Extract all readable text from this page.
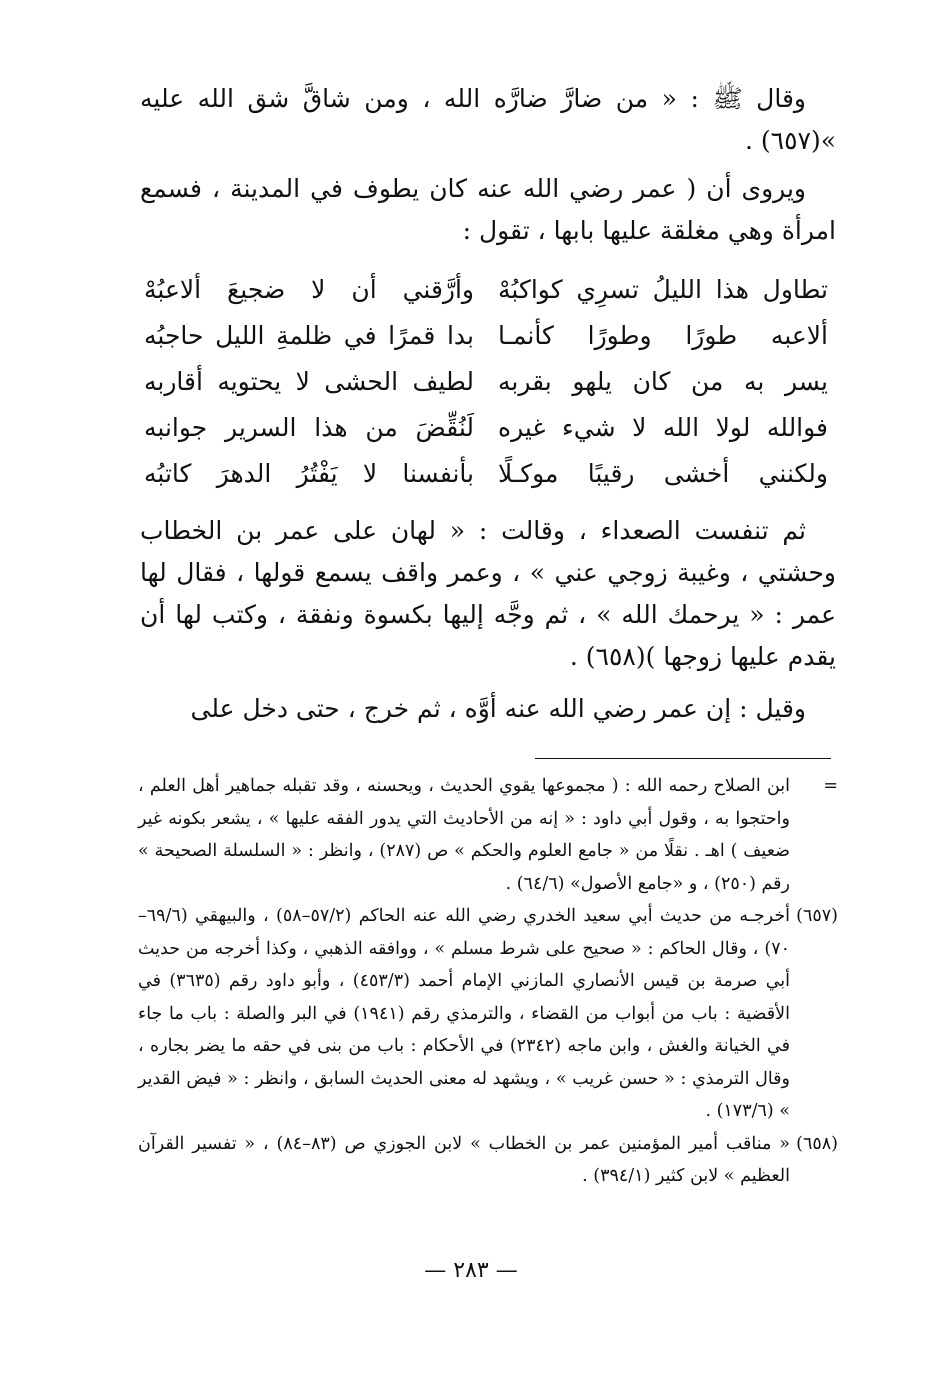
وقال ﷺ : « من ضارَّ ضارَّه الله ، ومن شاقَّ شق الله عليه »(٦٥٧) .

ويروى أن ( عمر رضي الله عنه كان يطوف في المدينة ، فسمع امرأة وهي مغلقة عليها بابها ، تقول :

تطاول هذا الليلُ تسرِي كواكبُهْ
وأرَّقني أن لا ضجيعَ ألاعبُهْ
ألاعبه طورًا وطورًا كأنمـا
بدا قمرًا في ظلمةِ الليل حاجبُه
يسر به من كان يلهو بقربه
لطيف الحشى لا يحتويه أقاربه
فوالله لولا الله لا شيء غيره
لَنُقِّضَ من هذا السرير جوانبه
ولكنني أخشى رقيبًا موكـلًا
بأنفسنا لا يَفْتُرُ الدهرَ كاتبُه

ثم تنفست الصعداء ، وقالت : « لهان على عمر بن الخطاب وحشتي ، وغيبة زوجي عني » ، وعمر واقف يسمع قولها ، فقال لها عمر : « يرحمك الله » ، ثم وجَّه إليها بكسوة ونفقة ، وكتب لها أن يقدم عليها زوجها )(٦٥٨) .

وقيل : إن عمر رضي الله عنه أوَّه ، ثم خرج ، حتى دخل على

=
ابن الصلاح رحمه الله : ( مجموعها يقوي الحديث ، ويحسنه ، وقد تقبله جماهير أهل العلم ، واحتجوا به ، وقول أبي داود : « إنه من الأحاديث التي يدور الفقه عليها » ، يشعر بكونه غير ضعيف ) اهـ . نقلًا من « جامع العلوم والحكم » ص (٢٨٧) ، وانظر : « السلسلة الصحيحة » رقم (٢٥٠) ، و «جامع الأصول» (٦٤/٦) .
(٦٥٧)
أخرجـه من حديث أبي سعيد الخدري رضي الله عنه الحاكم (٥٧/٢–٥٨) ، والبيهقي (٦٩/٦–٧٠) ، وقال الحاكم : « صحيح على شرط مسلم » ، ووافقه الذهبي ، وكذا أخرجه من حديث أبي صرمة بن قيس الأنصاري المازني الإمام أحمد (٤٥٣/٣) ، وأبو داود رقم (٣٦٣٥) في الأقضية : باب من أبواب من القضاء ، والترمذي رقم (١٩٤١) في البر والصلة : باب ما جاء في الخيانة والغش ، وابن ماجه (٢٣٤٢) في الأحكام : باب من بنى في حقه ما يضر بجاره ، وقال الترمذي : « حسن غريب » ، ويشهد له معنى الحديث السابق ، وانظر : « فيض القدير » (١٧٣/٦) .
(٦٥٨)
« مناقب أمير المؤمنين عمر بن الخطاب » لابن الجوزي ص (٨٣–٨٤) ، « تفسير القرآن العظيم » لابن كثير (٣٩٤/١) .
— ٢٨٣ —
